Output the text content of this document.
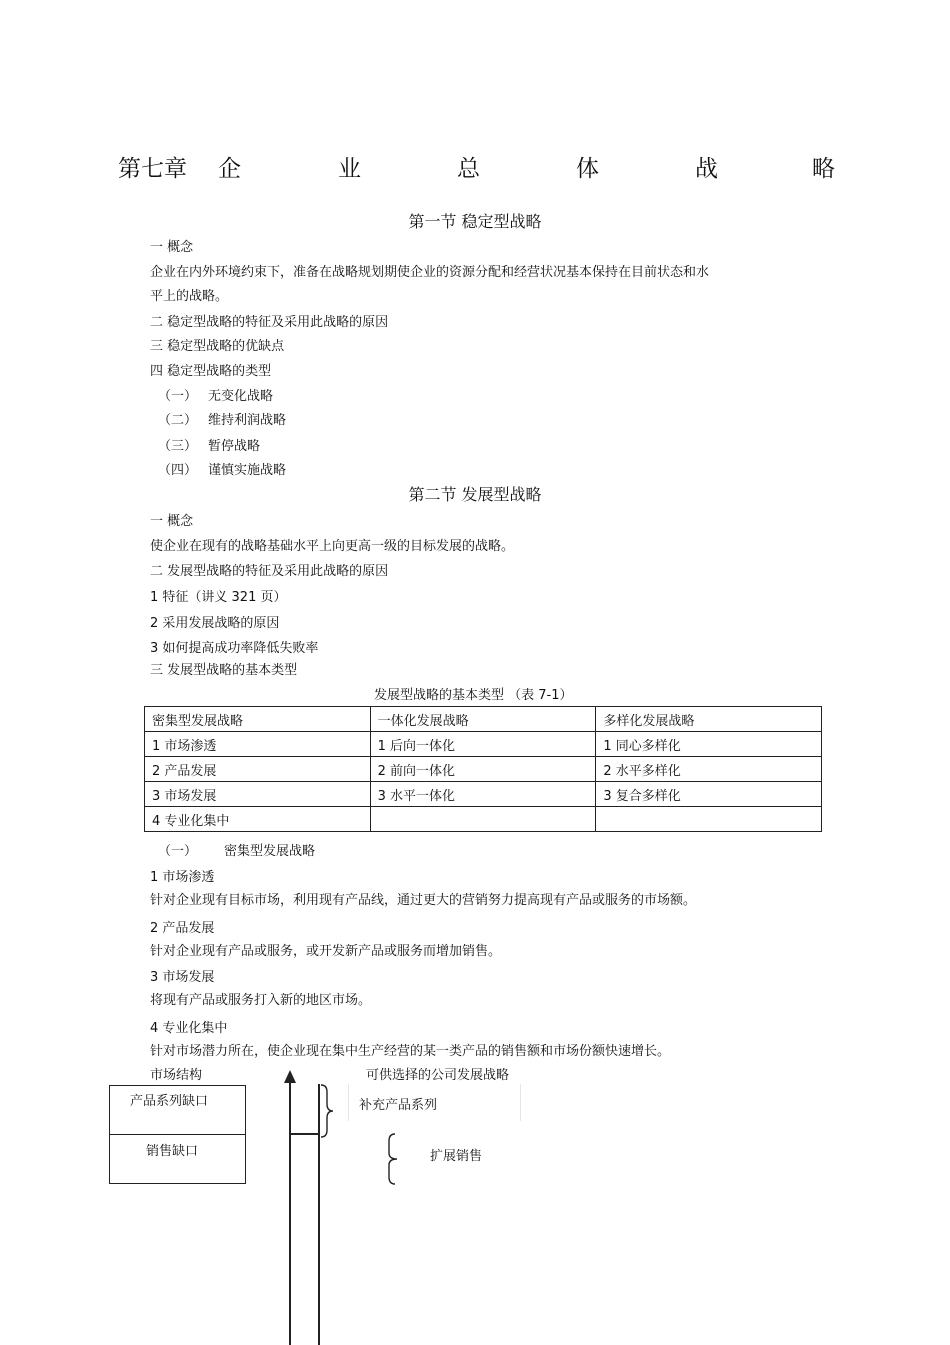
第七章 企	业	总	体	战	略
第一节 稳定型战略
一 概念
企业在内外环境约束下，准备在战略规划期使企业的资源分配和经营状况基本保持在目前状态和水
平上的战略。
二 稳定型战略的特征及采用此战略的原因
三 稳定型战略的优缺点
四 稳定型战略的类型
（一） 无变化战略
（二） 维持利润战略
（三） 暂停战略
（四） 谨慎实施战略
第二节 发展型战略
一 概念
使企业在现有的战略基础水平上向更高一级的目标发展的战略。
二 发展型战略的特征及采用此战略的原因
1 特征（讲义 321 页）
2 采用发展战略的原因
3 如何提高成功率降低失败率
三 发展型战略的基本类型
发展型战略的基本类型 （表 7-1）
密集型发展战略	一体化发展战略	多样化发展战略
1 市场渗透	1 后向一体化	1 同心多样化
2 产品发展	2 前向一体化	2 水平多样化
3 市场发展	3 水平一体化	3 复合多样化
4 专业化集中		
（一） 密集型发展战略
1 市场渗透
针对企业现有目标市场，利用现有产品线，通过更大的营销努力提高现有产品或服务的市场额。
2 产品发展
针对企业现有产品或服务，或开发新产品或服务而增加销售。
3 市场发展
将现有产品或服务打入新的地区市场。
4 专业化集中
针对市场潜力所在，使企业现在集中生产经营的某一类产品的销售额和市场份额快速增长。
市场结构	可供选择的公司发展战略
产品系列缺口
销售缺口
补充产品系列
扩展销售
